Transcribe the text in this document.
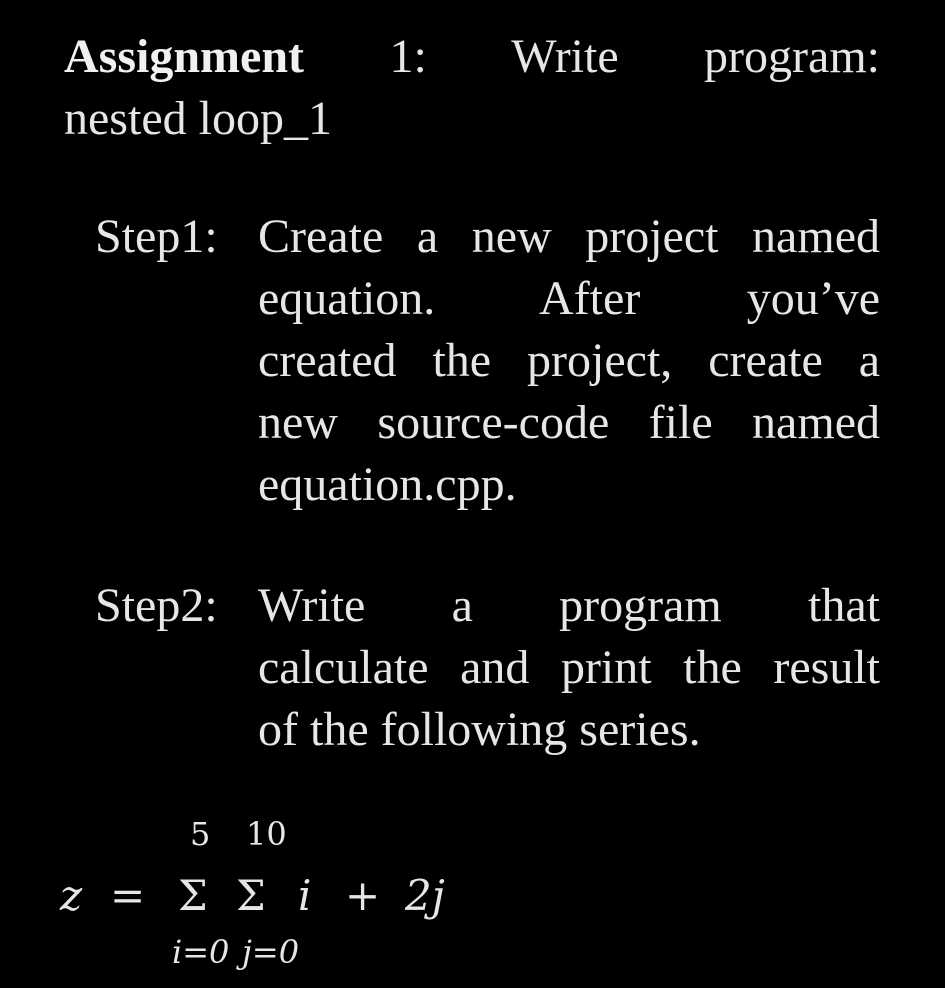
Assignment 1: Write program:
nested loop_1
Step1: Create a new project named
equation. After you’ve
created the project, create a
new source-code file named
equation.cpp.
Step2: Write a program that
calculate and print the result
of the following series.
5 10
z = Σ Σ i + 2j
i=0 j=0
